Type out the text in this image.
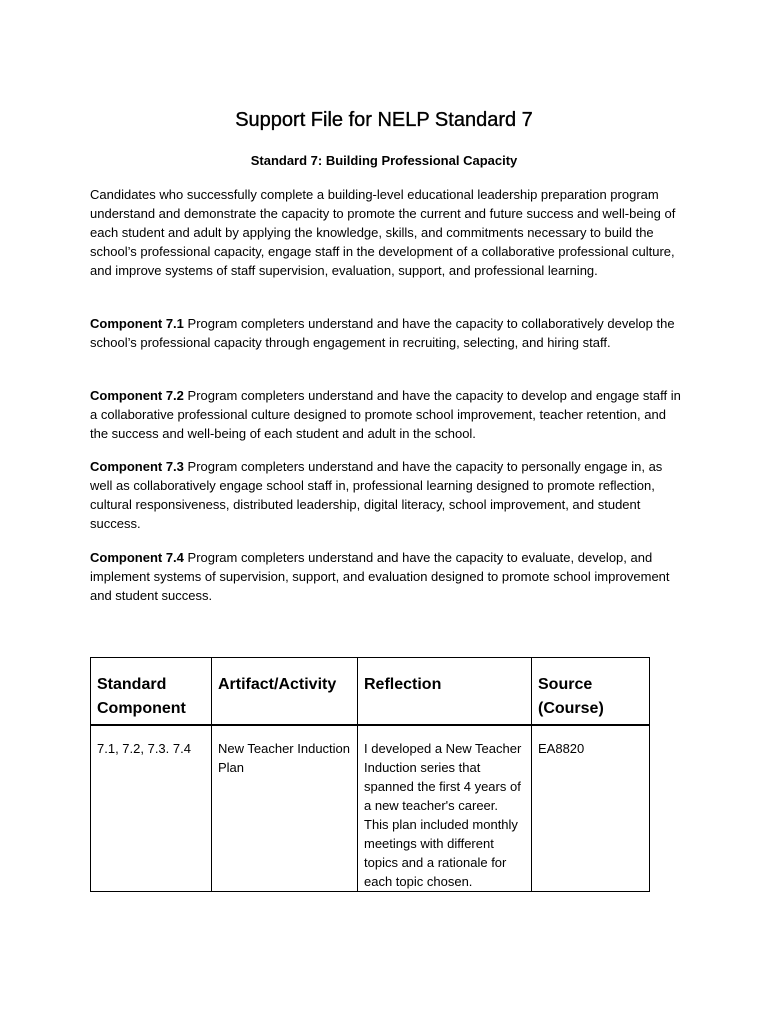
Support File for NELP Standard 7
Standard 7: Building Professional Capacity

Candidates who successfully complete a building-level educational leadership preparation program understand and demonstrate the capacity to promote the current and future success and well-being of each student and adult by applying the knowledge, skills, and commitments necessary to build the school’s professional capacity, engage staff in the development of a collaborative professional culture, and improve systems of staff supervision, evaluation, support, and professional learning.

Component 7.1 Program completers understand and have the capacity to collaboratively develop the school’s professional capacity through engagement in recruiting, selecting, and hiring staff.

Component 7.2 Program completers understand and have the capacity to develop and engage staff in a collaborative professional culture designed to promote school improvement, teacher retention, and the success and well-being of each student and adult in the school.

Component 7.3 Program completers understand and have the capacity to personally engage in, as well as collaboratively engage school staff in, professional learning designed to promote reflection, cultural responsiveness, distributed leadership, digital literacy, school improvement, and student success.

Component 7.4 Program completers understand and have the capacity to evaluate, develop, and implement systems of supervision, support, and evaluation designed to promote school improvement and student success.

Standard Component	Artifact/Activity	Reflection	Source (Course)
7.1, 7.2, 7.3. 7.4	New Teacher Induction Plan	I developed a New Teacher Induction series that spanned the first 4 years of a new teacher's career. This plan included monthly meetings with different topics and a rationale for each topic chosen.	EA8820
